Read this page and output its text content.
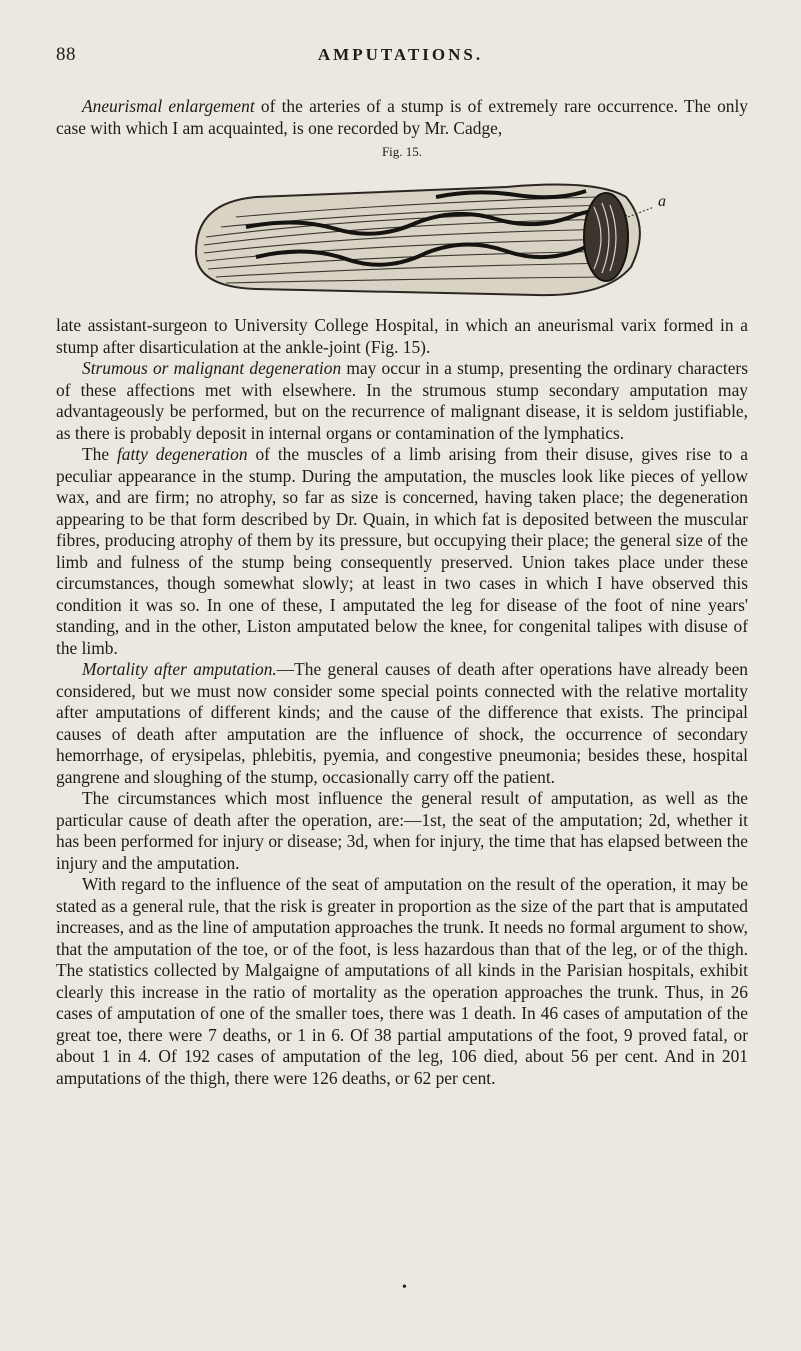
88	AMPUTATIONS.

Aneurismal enlargement of the arteries of a stump is of extremely rare occurrence. The only case with which I am acquainted, is one recorded by Mr. Cadge,

Fig. 15.
a

late assistant-surgeon to University College Hospital, in which an aneurismal varix formed in a stump after disarticulation at the ankle-joint (Fig. 15).

Strumous or malignant degeneration may occur in a stump, presenting the ordinary characters of these affections met with elsewhere. In the strumous stump secondary amputation may advantageously be performed, but on the recurrence of malignant disease, it is seldom justifiable, as there is probably deposit in internal organs or contamination of the lymphatics.

The fatty degeneration of the muscles of a limb arising from their disuse, gives rise to a peculiar appearance in the stump. During the amputation, the muscles look like pieces of yellow wax, and are firm; no atrophy, so far as size is concerned, having taken place; the degeneration appearing to be that form described by Dr. Quain, in which fat is deposited between the muscular fibres, producing atrophy of them by its pressure, but occupying their place; the general size of the limb and fulness of the stump being consequently preserved. Union takes place under these circumstances, though somewhat slowly; at least in two cases in which I have observed this condition it was so. In one of these, I amputated the leg for disease of the foot of nine years' standing, and in the other, Liston amputated below the knee, for congenital talipes with disuse of the limb.

Mortality after amputation.—The general causes of death after operations have already been considered, but we must now consider some special points connected with the relative mortality after amputations of different kinds; and the cause of the difference that exists. The principal causes of death after amputation are the influence of shock, the occurrence of secondary hemorrhage, of erysipelas, phlebitis, pyemia, and congestive pneumonia; besides these, hospital gangrene and sloughing of the stump, occasionally carry off the patient.

The circumstances which most influence the general result of amputation, as well as the particular cause of death after the operation, are:—1st, the seat of the amputation; 2d, whether it has been performed for injury or disease; 3d, when for injury, the time that has elapsed between the injury and the amputation.

With regard to the influence of the seat of amputation on the result of the operation, it may be stated as a general rule, that the risk is greater in proportion as the size of the part that is amputated increases, and as the line of amputation approaches the trunk. It needs no formal argument to show, that the amputation of the toe, or of the foot, is less hazardous than that of the leg, or of the thigh. The statistics collected by Malgaigne of amputations of all kinds in the Parisian hospitals, exhibit clearly this increase in the ratio of mortality as the operation approaches the trunk. Thus, in 26 cases of amputation of one of the smaller toes, there was 1 death. In 46 cases of amputation of the great toe, there were 7 deaths, or 1 in 6. Of 38 partial amputations of the foot, 9 proved fatal, or about 1 in 4. Of 192 cases of amputation of the leg, 106 died, about 56 per cent. And in 201 amputations of the thigh, there were 126 deaths, or 62 per cent.

•
